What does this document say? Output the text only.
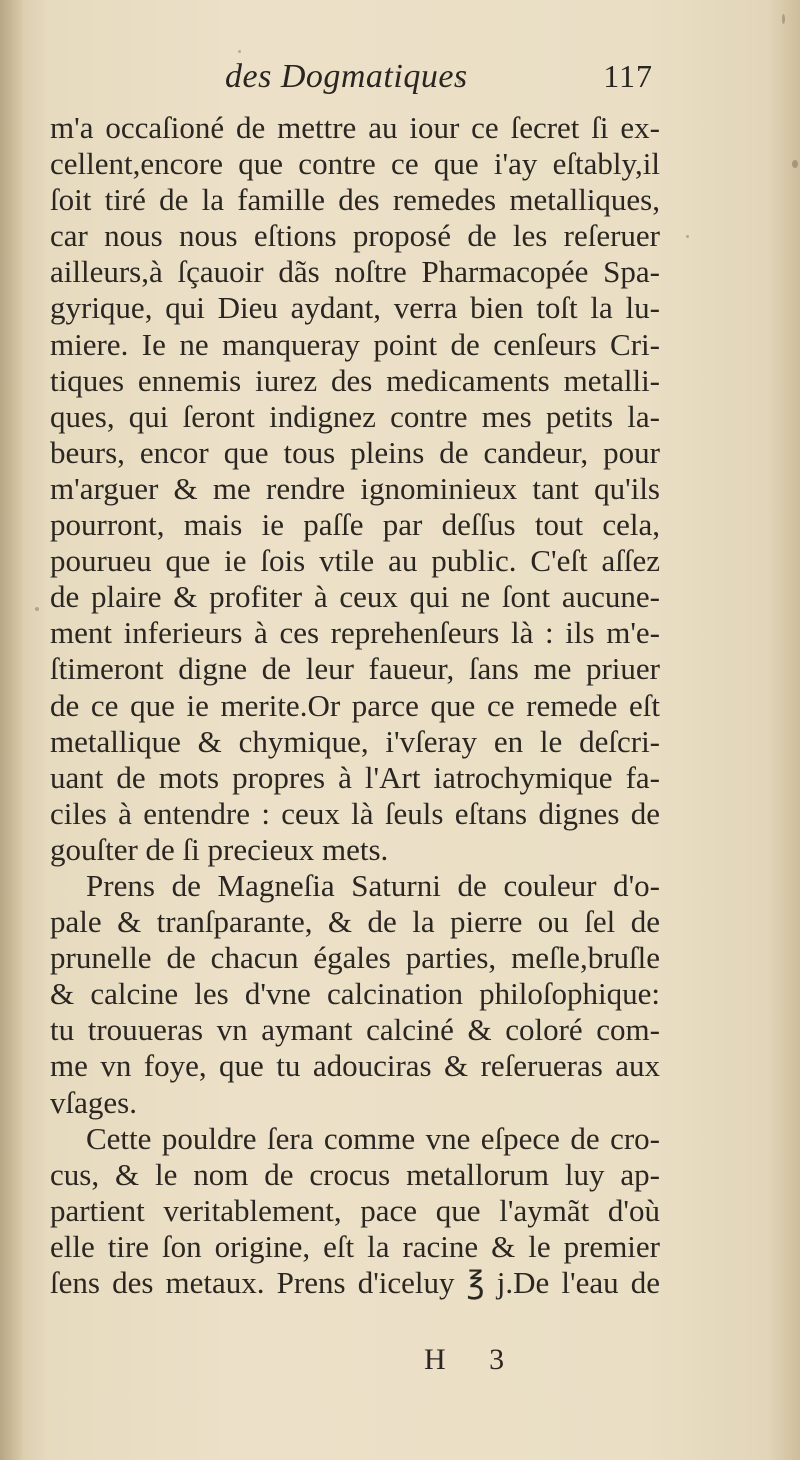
des Dogmatiques	117
m'a occaſioné de mettre au iour ce ſecret ſi ex-
cellent,encore que contre ce que i'ay eſtably,il
ſoit tiré de la famille des remedes metalliques,
car nous nous eſtions proposé de les reſeruer
ailleurs,à ſçauoir dãs noſtre Pharmacopée Spa-
gyrique, qui Dieu aydant, verra bien toſt la lu-
miere. Ie ne manqueray point de cenſeurs Cri-
tiques ennemis iurez des medicaments metalli-
ques, qui ſeront indignez contre mes petits la-
beurs, encor que tous pleins de candeur, pour
m'arguer & me rendre ignominieux tant qu'ils
pourront, mais ie paſſe par deſſus tout cela,
pourueu que ie ſois vtile au public. C'eſt aſſez
de plaire & profiter à ceux qui ne ſont aucune-
ment inferieurs à ces reprehenſeurs là : ils m'e-
ſtimeront digne de leur faueur, ſans me priuer
de ce que ie merite.Or parce que ce remede eſt
metallique & chymique, i'vſeray en le deſcri-
uant de mots propres à l'Art iatrochymique fa-
ciles à entendre : ceux là ſeuls eſtans dignes de
gouſter de ſi precieux mets.
Prens de Magneſia Saturni de couleur d'o-
pale & tranſparante, & de la pierre ou ſel de
prunelle de chacun égales parties, meſle,bruſle
& calcine les d'vne calcination philoſophique:
tu trouueras vn aymant calciné & coloré com-
me vn foye, que tu adouciras & reſerueras aux
vſages.
Cette pouldre ſera comme vne eſpece de cro-
cus, & le nom de crocus metallorum luy ap-
partient veritablement, pace que l'aymãt d'où
elle tire ſon origine, eſt la racine & le premier
ſens des metaux. Prens d'iceluy ℥ j.De l'eau de
H 3
